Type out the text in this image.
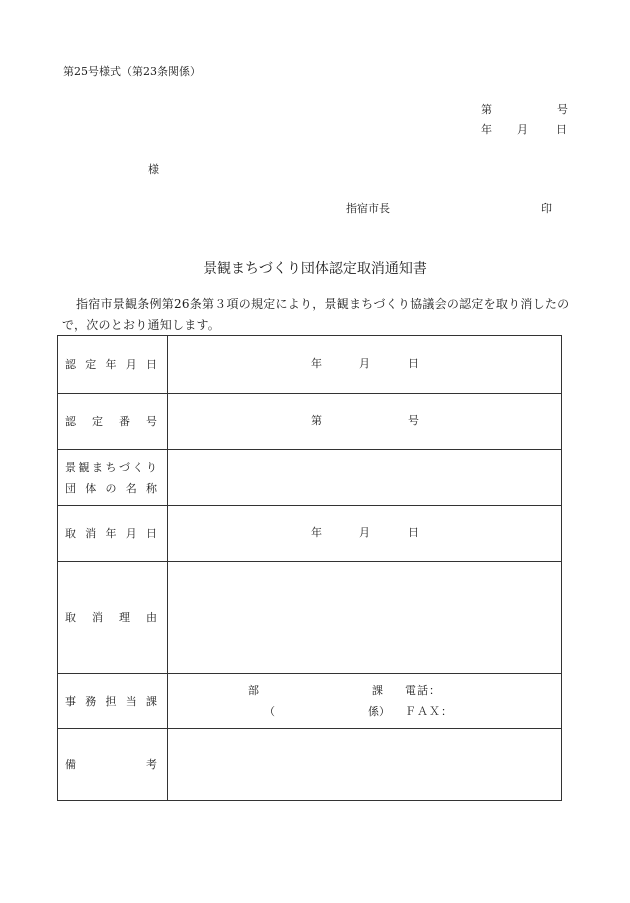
第25号様式（第23条関係）
第	号
年 月	日
様
指宿市長	印
景観まちづくり団体認定取消通知書
指宿市景観条例第26条第３項の規定により，景観まちづくり協議会の認定を取り消したの
で，次のとおり通知します。
認 定 年 月 日	年	月	日
認 定 番 号	第	号
景観まちづくり
団 体 の 名 称
取 消 年 月 日	年	月	日
取 消 理 由
事 務 担 当 課
部	課 電話：
（	係） ＦＡＸ：
備 考
